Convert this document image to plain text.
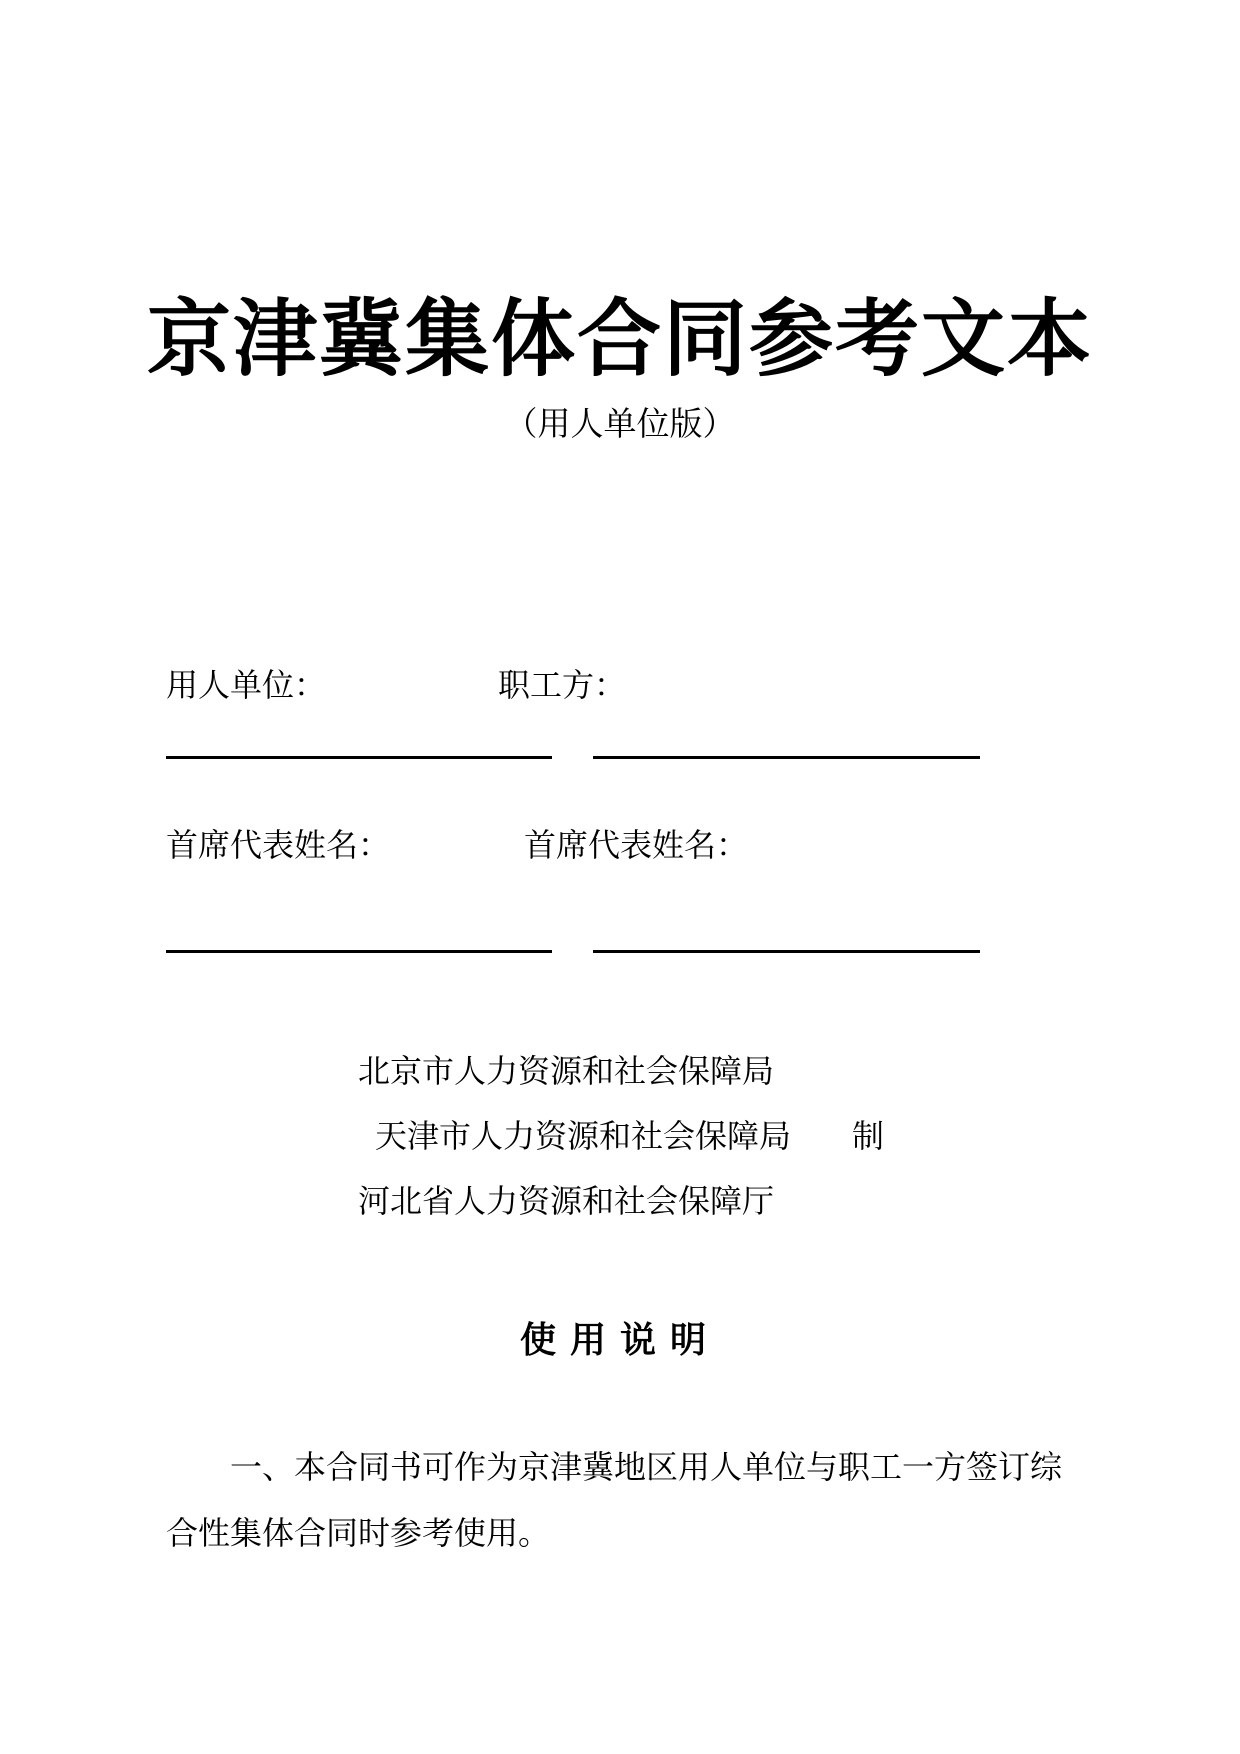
京津冀集体合同参考文本
（用人单位版）
用人单位：	职工方：
首席代表姓名：	首席代表姓名：
北京市人力资源和社会保障局
天津市人力资源和社会保障局 制
河北省人力资源和社会保障厅
使用说明
一、本合同书可作为京津冀地区用人单位与职工一方签订综
合性集体合同时参考使用。
